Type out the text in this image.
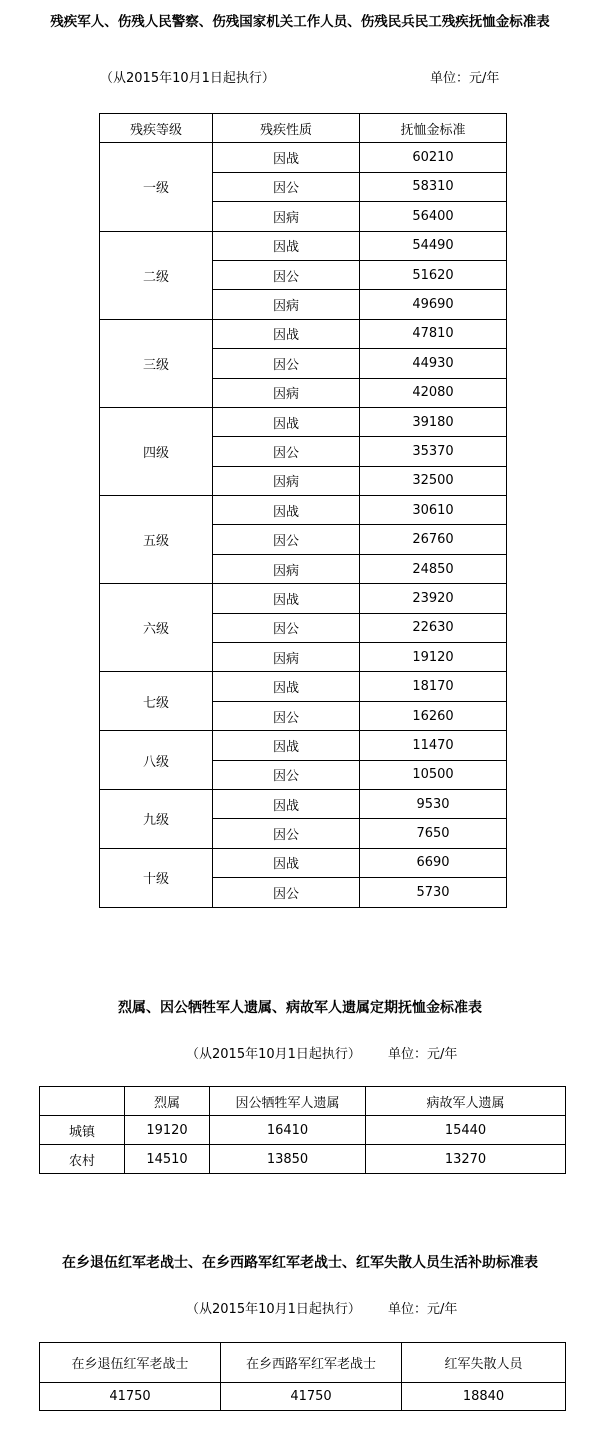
残疾军人、伤残人民警察、伤残国家机关工作人员、伤残民兵民工残疾抚恤金标准表
（从2015年10月1日起执行）	单位：元/年
残疾等级	残疾性质	抚恤金标准
一级	因战	60210
	因公	58310
	因病	56400
二级	因战	54490
	因公	51620
	因病	49690
三级	因战	47810
	因公	44930
	因病	42080
四级	因战	39180
	因公	35370
	因病	32500
五级	因战	30610
	因公	26760
	因病	24850
六级	因战	23920
	因公	22630
	因病	19120
七级	因战	18170
	因公	16260
八级	因战	11470
	因公	10500
九级	因战	9530
	因公	7650
十级	因战	6690
	因公	5730
烈属、因公牺牲军人遗属、病故军人遗属定期抚恤金标准表
（从2015年10月1日起执行） 单位：元/年
	烈属	因公牺牲军人遗属	病故军人遗属
城镇	19120	16410	15440
农村	14510	13850	13270
在乡退伍红军老战士、在乡西路军红军老战士、红军失散人员生活补助标准表
（从2015年10月1日起执行） 单位：元/年
在乡退伍红军老战士	在乡西路军红军老战士	红军失散人员
41750	41750	18840
